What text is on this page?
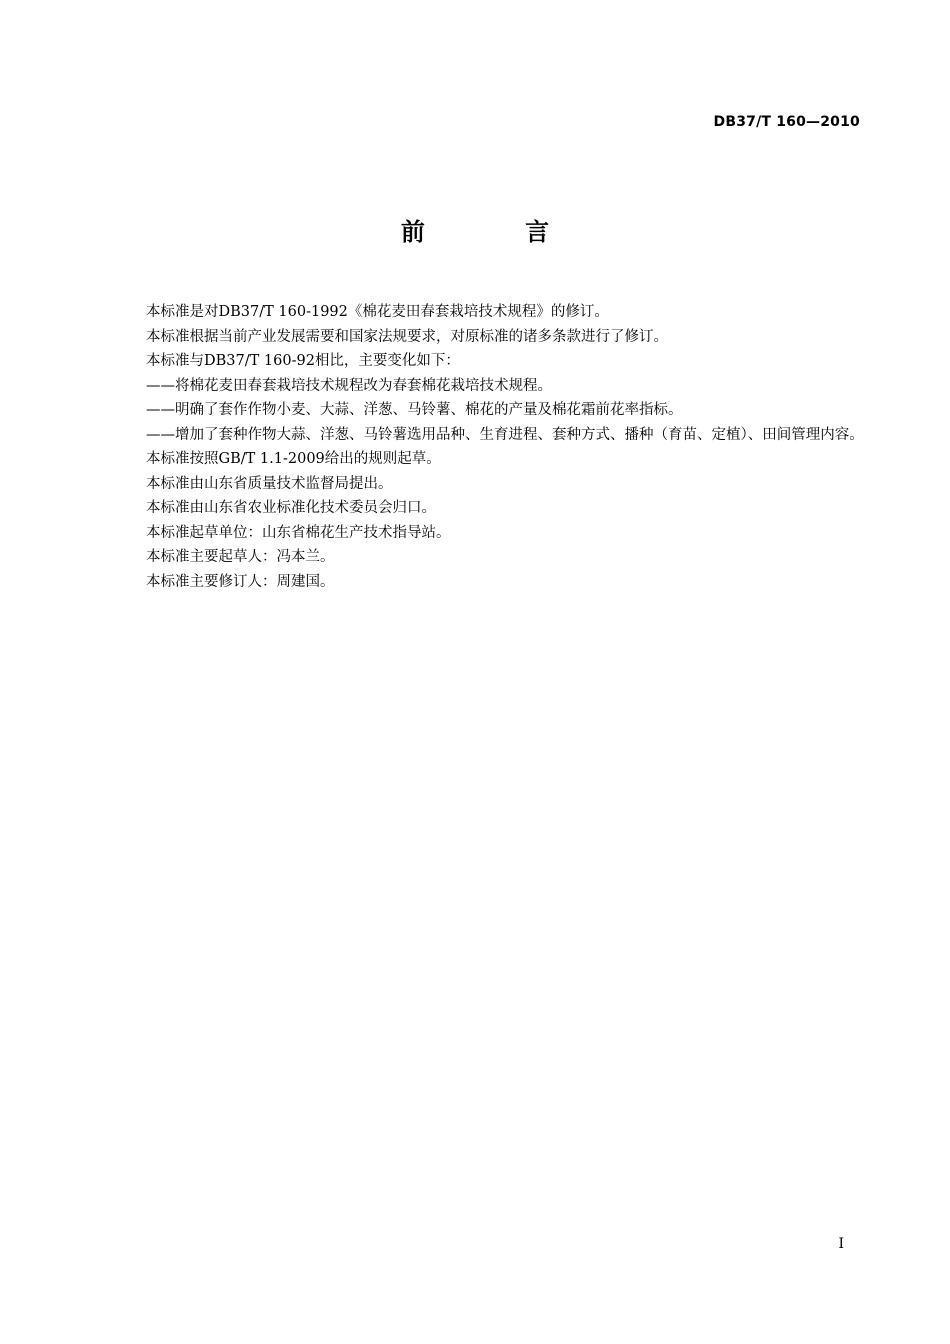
DB37/T 160—2010
前 言

本标准是对DB37/T 160-1992《棉花麦田春套栽培技术规程》的修订。

本标准根据当前产业发展需要和国家法规要求，对原标准的诸多条款进行了修订。

本标准与DB37/T 160-92相比，主要变化如下：

——将棉花麦田春套栽培技术规程改为春套棉花栽培技术规程。

——明确了套作作物小麦、大蒜、洋葱、马铃薯、棉花的产量及棉花霜前花率指标。

——增加了套种作物大蒜、洋葱、马铃薯选用品种、生育进程、套种方式、播种（育苗、定植）、田间管理内容。

本标准按照GB/T 1.1-2009给出的规则起草。

本标准由山东省质量技术监督局提出。

本标准由山东省农业标准化技术委员会归口。

本标准起草单位：山东省棉花生产技术指导站。

本标准主要起草人：冯本兰。

本标准主要修订人：周建国。

I
